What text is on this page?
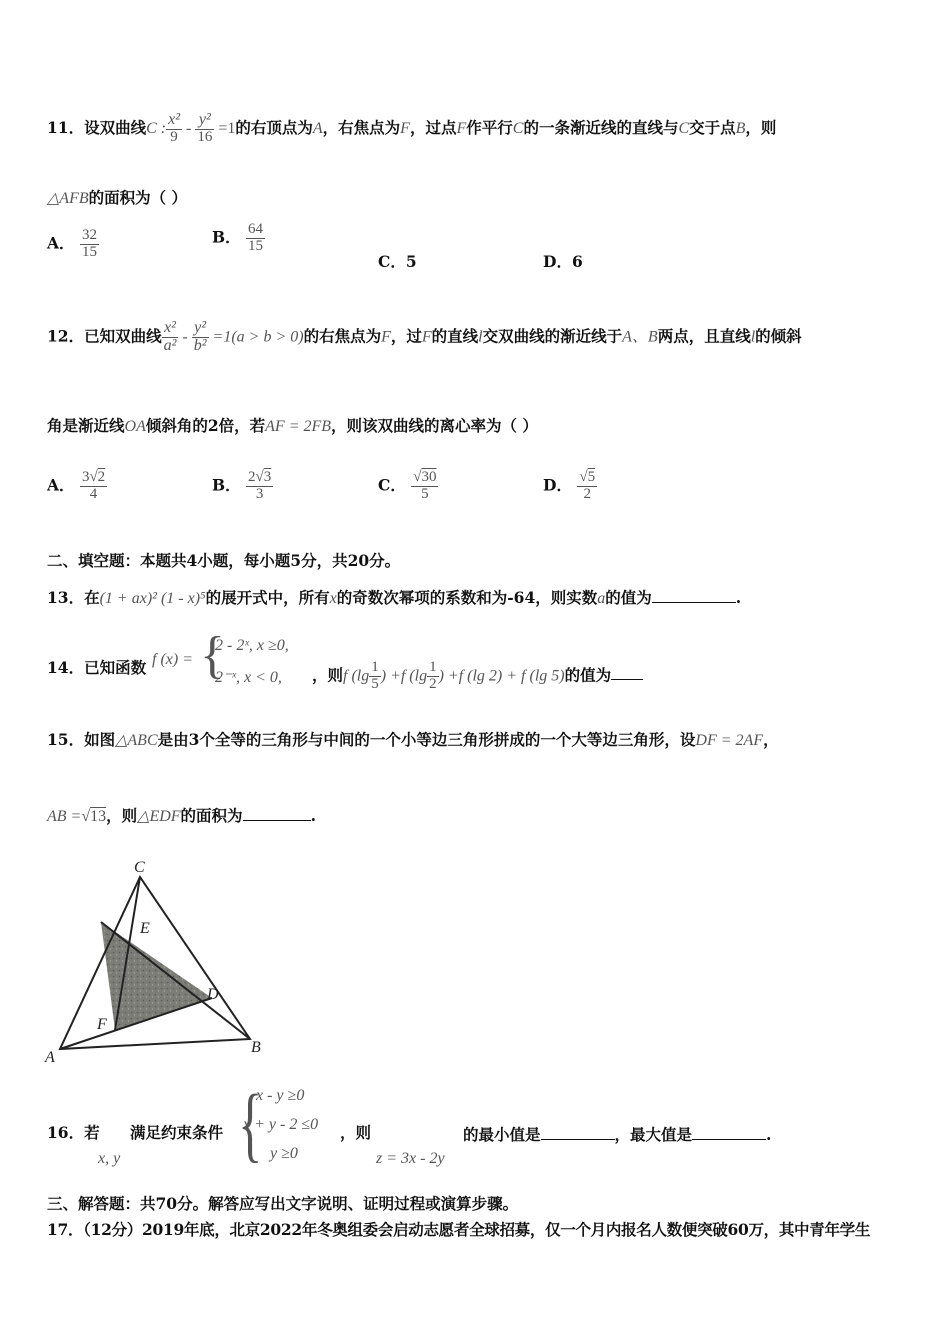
11．设双曲线C : $\frac{\text{x²}}{9} - \frac{\text{y²}}{16} =1$的右顶点为A，右焦点为F，过点F作平行C的一条渐近线的直线与C交于点B，则
△AFB的面积为（ ）
A． $\frac{32}{15}$	B． $\frac{64}{15}$
C．5	D．6
12．已知双曲线 $\frac{\text{x²}}{\text{a²}} - \frac{\text{y²}}{\text{b²}} =1(a > b > 0)$的右焦点为F，过F的直线l交双曲线的渐近线于A、B两点，且直线l的倾斜
角是渐近线OA倾斜角的2倍，若AF = 2FB，则该双曲线的离心率为（ ）
A． $\frac{3√2}{4}$	B． $\frac{2√3}{3}$	C． $\frac{√30}{5}$	D． $\frac{√5}{2}$
二、填空题：本题共4小题，每小题5分，共20分。
13．在(1 + ax)² (1 - x)⁵的展开式中，所有x的奇数次幂项的系数和为-64，则实数a的值为	.
14．已知函数 f (x) = {
2 - 2ˣ, x ≥0,
2⁻ˣ, x < 0, ，则f ($\lg \frac{1}{5}$ ) +f ($\lg \frac{1}{2}$ ) +f (lg 2) + f (lg 5)的值为
15．如图△ABC是由3个全等的三角形与中间的一个小等边三角形拼成的一个大等边三角形，设DF = 2AF，
AB =√13，则△EDF的面积为	.
C
E
D
F
A
B
16．若
x, y
满足约束条件 {
x - y ≥0
x + y - 2 ≤0
y ≥0
，则
z = 3x - 2y
的最小值是	，最大值是	.
三、解答题：共70分。解答应写出文字说明、证明过程或演算步骤。
17．（12分）2019年底，北京2022年冬奥组委会启动志愿者全球招募，仅一个月内报名人数便突破60万，其中青年学生
